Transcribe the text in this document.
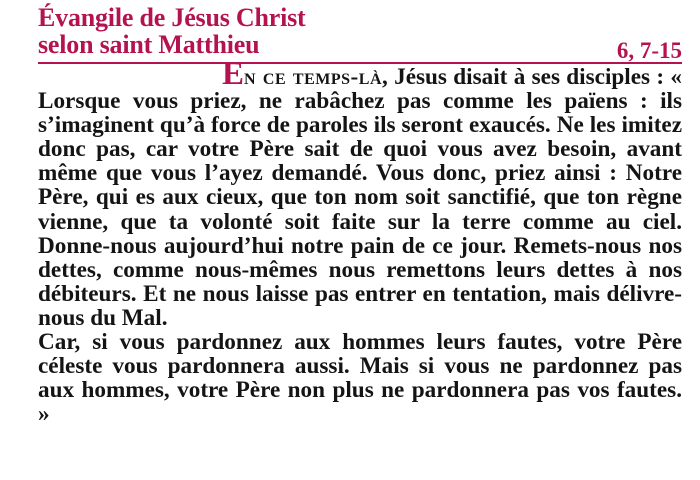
Évangile de Jésus Christ
selon saint Matthieu	6, 7-15

En ce temps-là, Jésus disait à ses disciples : « Lorsque vous priez, ne rabâchez pas comme les païens : ils s’imaginent qu’à force de paroles ils seront exaucés. Ne les imitez donc pas, car votre Père sait de quoi vous avez besoin, avant même que vous l’ayez demandé. Vous donc, priez ainsi : Notre Père, qui es aux cieux, que ton nom soit sanctifié, que ton règne vienne, que ta volonté soit faite sur la terre comme au ciel. Donne-nous aujourd’hui notre pain de ce jour. Remets-nous nos dettes, comme nous-mêmes nous remettons leurs dettes à nos débiteurs. Et ne nous laisse pas entrer en tentation, mais délivre-nous du Mal.

Car, si vous pardonnez aux hommes leurs fautes, votre Père céleste vous pardonnera aussi. Mais si vous ne pardonnez pas aux hommes, votre Père non plus ne pardonnera pas vos fautes. »
